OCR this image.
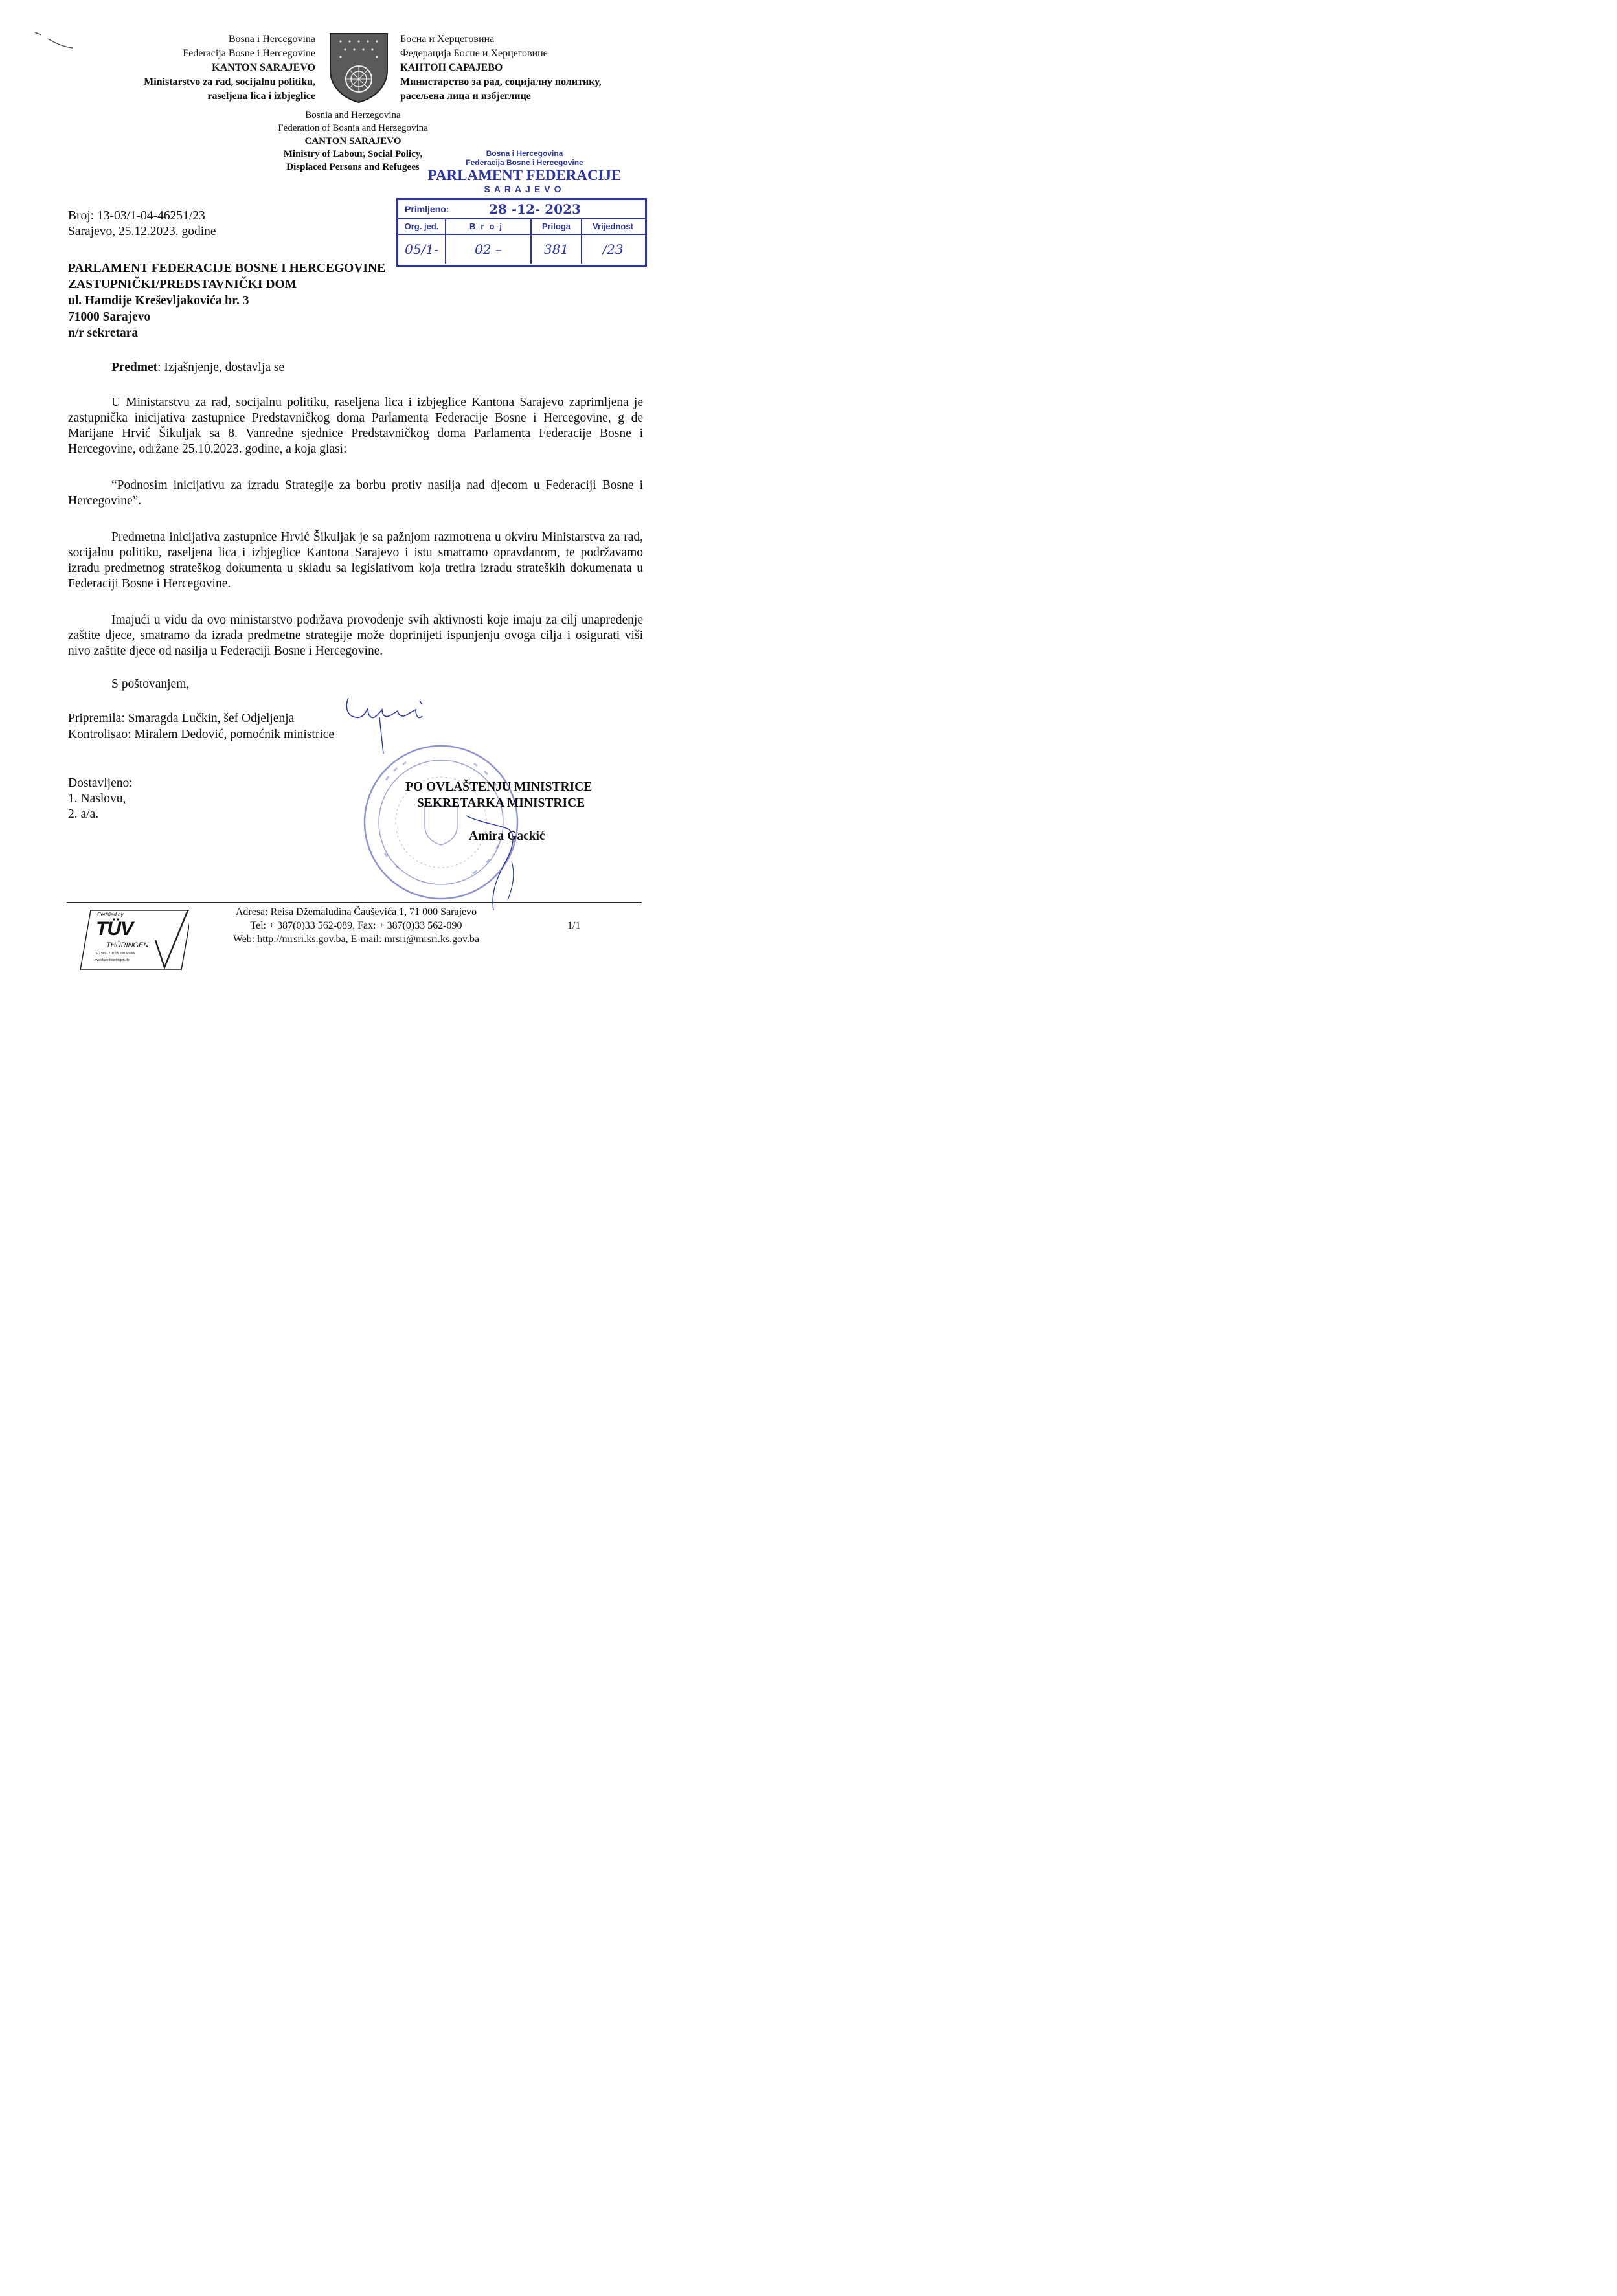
Bosna i Hercegovina
Federacija Bosne i Hercegovine
KANTON SARAJEVO
Ministarstvo za rad, socijalnu politiku,
raseljena lica i izbjeglice
Босна и Херцеговина
Федерација Босне и Херцеговине
КАНТОН САРАЈЕВО
Министарство за рад, социјалну политику,
расељена лица и избјеглице
Bosnia and Herzegovina
Federation of Bosnia and Herzegovina
CANTON SARAJEVO
Ministry of Labour, Social Policy,
Displaced Persons and Refugees
Bosna i Hercegovina
Federacija Bosne i Hercegovine
PARLAMENT FEDERACIJE
SARAJEVO
Primljeno:	28 -12- 2023
Org. jed.	Broj	Priloga	Vrijednost
05/1-	02 –	381	/23
Broj: 13-03/1-04-46251/23
Sarajevo, 25.12.2023. godine
PARLAMENT FEDERACIJE BOSNE I HERCEGOVINE
ZASTUPNIČKI/PREDSTAVNIČKI DOM
ul. Hamdije Kreševljakovića br. 3
71000 Sarajevo
n/r sekretara
Predmet: Izjašnjenje, dostavlja se
U Ministarstvu za rad, socijalnu politiku, raseljena lica i izbjeglice Kantona Sarajevo zaprimljena je zastupnička inicijativa zastupnice Predstavničkog doma Parlamenta Federacije Bosne i Hercegovine, g đe Marijane Hrvić Šikuljak sa 8. Vanredne sjednice Predstavničkog doma Parlamenta Federacije Bosne i Hercegovine, održane 25.10.2023. godine, a koja glasi:
“Podnosim inicijativu za izradu Strategije za borbu protiv nasilja nad djecom u Federaciji Bosne i Hercegovine”.
Predmetna inicijativa zastupnice Hrvić Šikuljak je sa pažnjom razmotrena u okviru Ministarstva za rad, socijalnu politiku, raseljena lica i izbjeglice Kantona Sarajevo i istu smatramo opravdanom, te podržavamo izradu predmetnog strateškog dokumenta u skladu sa legislativom koja tretira izradu strateških dokumenata u Federaciji Bosne i Hercegovine.
Imajući u vidu da ovo ministarstvo podržava provođenje svih aktivnosti koje imaju za cilj unapređenje zaštite djece, smatramo da izrada predmetne strategije može doprinijeti ispunjenju ovoga cilja i osigurati viši nivo zaštite djece od nasilja u Federaciji Bosne i Hercegovine.
S poštovanjem,
Pripremila: Smaragda Lučkin, šef Odjeljenja
Kontrolisao: Miralem Dedović, pomoćnik ministrice
Dostavljeno:
1. Naslovu,
2. a/a.
PO OVLAŠTENJU MINISTRICE
SEKRETARKA MINISTRICE
Amira Gackić
Certified by
TÜV
THÜRINGEN
ISO 9001 / ID:15 100 63666
www.tuev-thueringen.de
Adresa: Reisa Džemaludina Čauševića 1, 71 000 Sarajevo
Tel: + 387(0)33 562-089, Fax: + 387(0)33 562-090
Web: http://mrsri.ks.gov.ba, E-mail: mrsri@mrsri.ks.gov.ba
1/1
